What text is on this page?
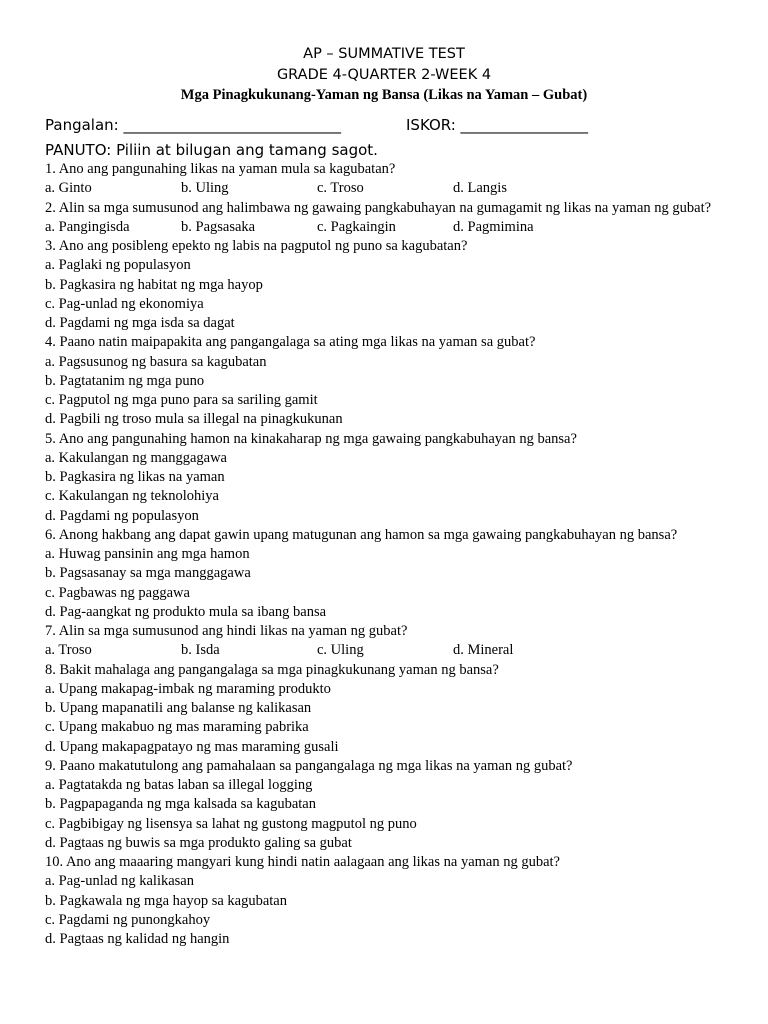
AP – SUMMATIVE TEST
GRADE 4-QUARTER 2-WEEK 4
Mga Pinagkukunang-Yaman ng Bansa (Likas na Yaman – Gubat)
Pangalan: _____________________________	ISKOR: _________________
PANUTO: Piliin at bilugan ang tamang sagot.

1. Ano ang pangunahing likas na yaman mula sa kagubatan?

a. Ginto	b. Uling	c. Troso	d. Langis

2. Alin sa mga sumusunod ang halimbawa ng gawaing pangkabuhayan na gumagamit ng likas na yaman ng gubat?

a. Pangingisda	b. Pagsasaka	c. Pagkaingin	d. Pagmimina

3. Ano ang posibleng epekto ng labis na pagputol ng puno sa kagubatan?

a. Paglaki ng populasyon

b. Pagkasira ng habitat ng mga hayop

c. Pag-unlad ng ekonomiya

d. Pagdami ng mga isda sa dagat

4. Paano natin maipapakita ang pangangalaga sa ating mga likas na yaman sa gubat?

a. Pagsusunog ng basura sa kagubatan

b. Pagtatanim ng mga puno

c. Pagputol ng mga puno para sa sariling gamit

d. Pagbili ng troso mula sa illegal na pinagkukunan

5. Ano ang pangunahing hamon na kinakaharap ng mga gawaing pangkabuhayan ng bansa?

a. Kakulangan ng manggagawa

b. Pagkasira ng likas na yaman

c. Kakulangan ng teknolohiya

d. Pagdami ng populasyon

6. Anong hakbang ang dapat gawin upang matugunan ang hamon sa mga gawaing pangkabuhayan ng bansa?

a. Huwag pansinin ang mga hamon

b. Pagsasanay sa mga manggagawa

c. Pagbawas ng paggawa

d. Pag-aangkat ng produkto mula sa ibang bansa

7. Alin sa mga sumusunod ang hindi likas na yaman ng gubat?

a. Troso	b. Isda	c. Uling	d. Mineral

8. Bakit mahalaga ang pangangalaga sa mga pinagkukunang yaman ng bansa?

a. Upang makapag-imbak ng maraming produkto

b. Upang mapanatili ang balanse ng kalikasan

c. Upang makabuo ng mas maraming pabrika

d. Upang makapagpatayo ng mas maraming gusali

9. Paano makatutulong ang pamahalaan sa pangangalaga ng mga likas na yaman ng gubat?

a. Pagtatakda ng batas laban sa illegal logging

b. Pagpapaganda ng mga kalsada sa kagubatan

c. Pagbibigay ng lisensya sa lahat ng gustong magputol ng puno

d. Pagtaas ng buwis sa mga produkto galing sa gubat

10. Ano ang maaaring mangyari kung hindi natin aalagaan ang likas na yaman ng gubat?

a. Pag-unlad ng kalikasan

b. Pagkawala ng mga hayop sa kagubatan

c. Pagdami ng punongkahoy

d. Pagtaas ng kalidad ng hangin
